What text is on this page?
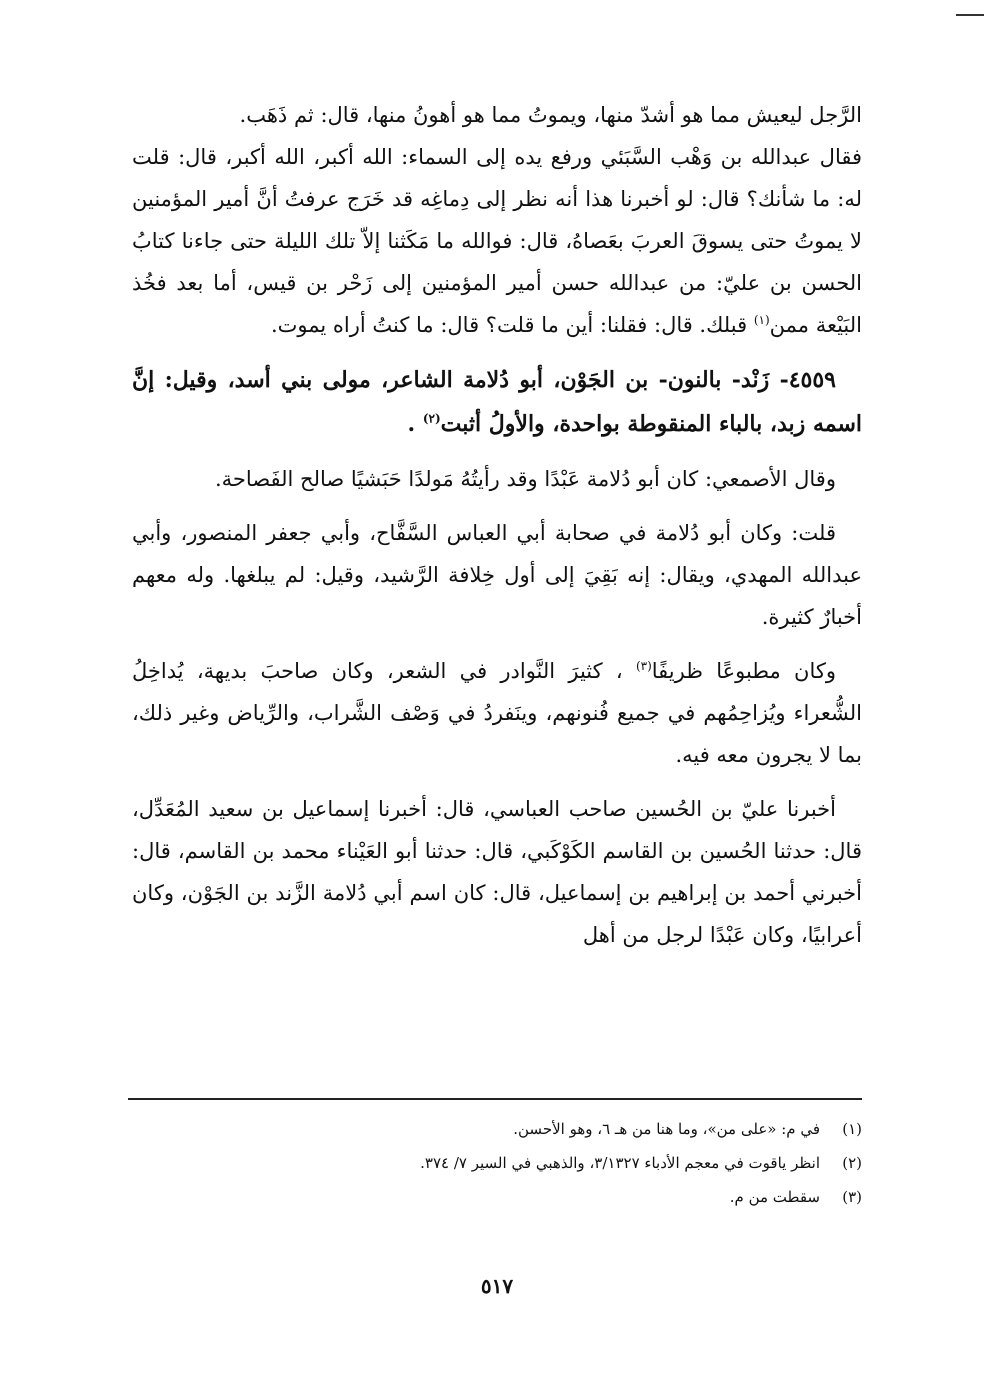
الرَّجل ليعيش مما هو أشدّ منها، ويموتُ مما هو أهونُ منها، قال: ثم ذَهَب.

فقال عبدالله بن وَهْب السَّبَئي ورفع يده إلى السماء: الله أكبر، الله أكبر، قال: قلت له: ما شأنك؟ قال: لو أخبرنا هذا أنه نظر إلى دِماغِه قد خَرَج عرفتُ أنَّ أمير المؤمنين لا يموتُ حتى يسوقَ العربَ بعَصاهُ، قال: فوالله ما مَكَثنا إلاّ تلك الليلة حتى جاءنا كتابُ الحسن بن عليّ: من عبدالله حسن أمير المؤمنين إلى زَحْر بن قيس، أما بعد فخُذ البَيْعة ممن$^{(١)}$ قبلك. قال: فقلنا: أين ما قلت؟ قال: ما كنتُ أراه يموت.

٤٥٥٩- زَنْد- بالنون- بن الجَوْن، أبو دُلامة الشاعر، مولى بني أسد، وقيل: إنَّ اسمه زبد، بالباء المنقوطة بواحدة، والأولُ أثبت$^{(٢)}$ .

وقال الأصمعي: كان أبو دُلامة عَبْدًا وقد رأيتُهُ مَولدًا حَبَشيًا صالح الفَصاحة.

قلت: وكان أبو دُلامة في صحابة أبي العباس السَّفَّاح، وأبي جعفر المنصور، وأبي عبدالله المهدي، ويقال: إنه بَقِيَ إلى أول خِلافة الرَّشيد، وقيل: لم يبلغها. وله معهم أخبارٌ كثيرة.

وكان مطبوعًا ظريفًا$^{(٣)}$ ، كثيرَ النَّوادر في الشعر، وكان صاحبَ بديهة، يُداخِلُ الشُّعراء ويُزاحِمُهم في جميع فُنونهم، وينَفردُ في وَصْف الشَّراب، والرِّياض وغير ذلك، بما لا يجرون معه فيه.

أخبرنا عليّ بن الحُسين صاحب العباسي، قال: أخبرنا إسماعيل بن سعيد المُعَدِّل، قال: حدثنا الحُسين بن القاسم الكَوْكَبي، قال: حدثنا أبو العَيْناء محمد بن القاسم، قال: أخبرني أحمد بن إبراهيم بن إسماعيل، قال: كان اسم أبي دُلامة الزَّند بن الجَوْن، وكان أعرابيًا، وكان عَبْدًا لرجل من أهل

(١)في م: «على من»، وما هنا من هـ ٦، وهو الأحسن.

(٢)انظر ياقوت في معجم الأدباء ٣/١٣٢٧، والذهبي في السير ٧/ ٣٧٤.

(٣)سقطت من م.

٥١٧
